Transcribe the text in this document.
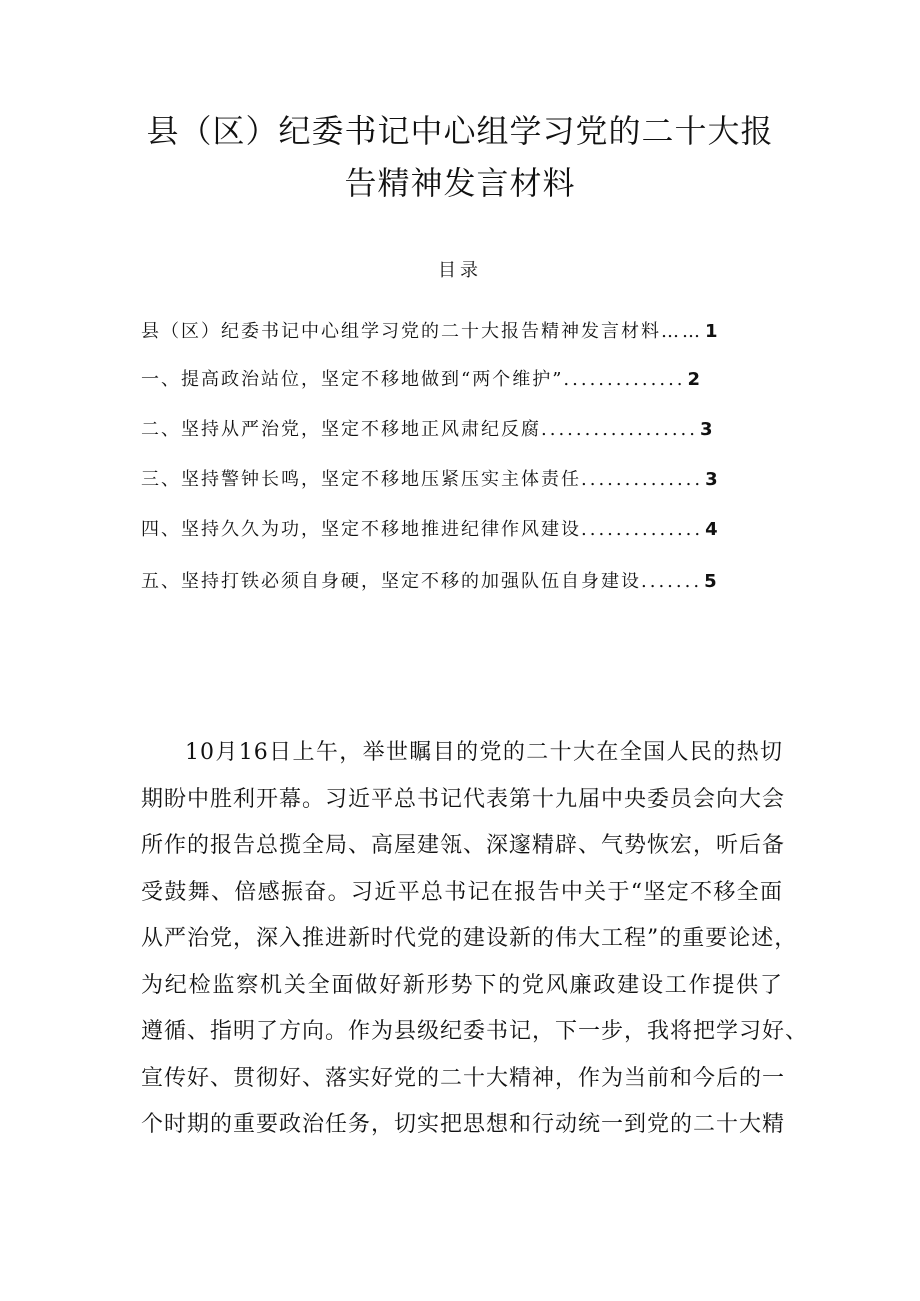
县（区）纪委书记中心组学习党的二十大报
告精神发言材料
目录
县（区）纪委书记中心组学习党的二十大报告精神发言材料 …… 1
一、提高政治站位，坚定不移地做到“两个维护” .............. 2
二、坚持从严治党，坚定不移地正风肃纪反腐 .................. 3
三、坚持警钟长鸣，坚定不移地压紧压实主体责任 .............. 3
四、坚持久久为功，坚定不移地推进纪律作风建设 .............. 4
五、坚持打铁必须自身硬，坚定不移的加强队伍自身建设 ....... 5
10月16日上午，举世瞩目的党的二十大在全国人民的热切
期盼中胜利开幕。习近平总书记代表第十九届中央委员会向大会
所作的报告总揽全局、高屋建瓴、深邃精辟、气势恢宏，听后备
受鼓舞、倍感振奋。习近平总书记在报告中关于“坚定不移全面
从严治党，深入推进新时代党的建设新的伟大工程”的重要论述，
为纪检监察机关全面做好新形势下的党风廉政建设工作提供了
遵循、指明了方向。作为县级纪委书记，下一步，我将把学习好、
宣传好、贯彻好、落实好党的二十大精神，作为当前和今后的一
个时期的重要政治任务，切实把思想和行动统一到党的二十大精
